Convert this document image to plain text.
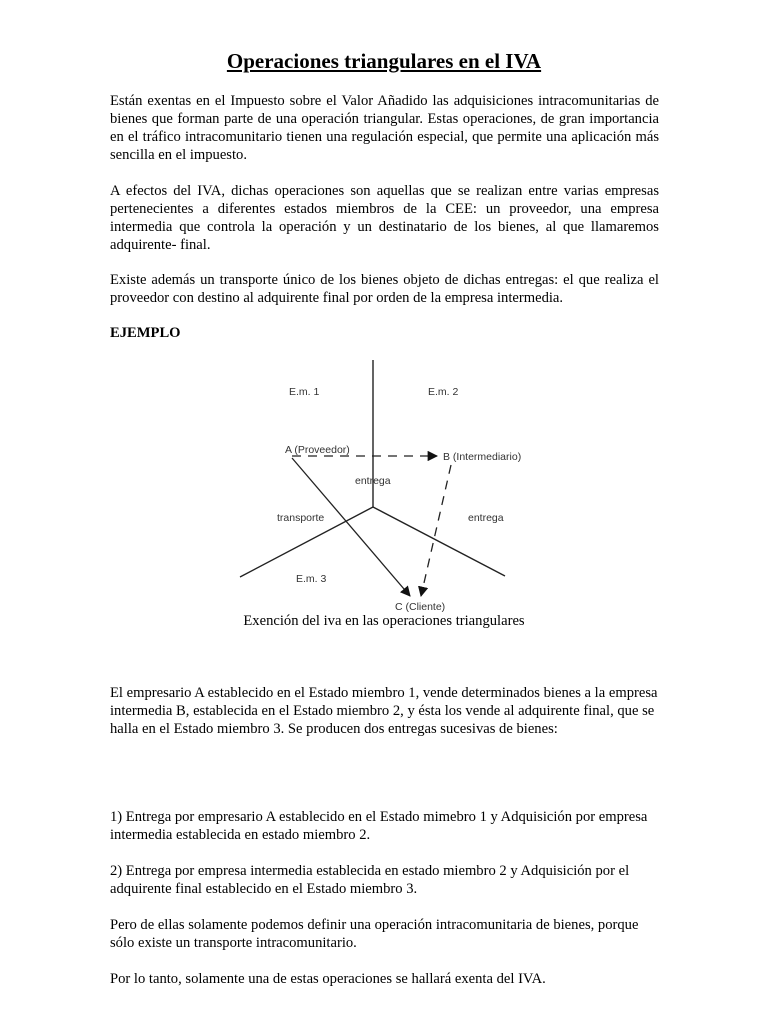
Operaciones triangulares en el IVA

Están exentas en el Impuesto sobre el Valor Añadido las adquisiciones intracomunitarias de bienes que forman parte de una operación triangular. Estas operaciones, de gran importancia en el tráfico intracomunitario tienen una regulación especial, que permite una aplicación más sencilla en el impuesto.

A efectos del IVA, dichas operaciones son aquellas que se realizan entre varias empresas pertenecientes a diferentes estados miembros de la CEE: un proveedor, una empresa intermedia que controla la operación y un destinatario de los bienes, al que llamaremos adquirente- final.

Existe además un transporte único de los bienes objeto de dichas entregas: el que realiza el proveedor con destino al adquirente final por orden de la empresa intermedia.

EJEMPLO

E.m. 1	E.m. 2
E.m. 3
A (Proveedor)
B (Intermediario)
C (Cliente)
entrega
transporte	entrega

Exención del iva en las operaciones triangulares

El empresario A establecido en el Estado miembro 1, vende determinados bienes a la empresa intermedia B, establecida en el Estado miembro 2, y ésta los vende al adquirente final, que se halla en el Estado miembro 3. Se producen dos entregas sucesivas de bienes:

1) Entrega por empresario A establecido en el Estado mimebro 1 y Adquisición por empresa intermedia establecida en estado miembro 2.

2) Entrega por empresa intermedia establecida en estado miembro 2 y Adquisición por el adquirente final establecido en el Estado miembro 3.

Pero de ellas solamente podemos definir una operación intracomunitaria de bienes, porque sólo existe un transporte intracomunitario.

Por lo tanto, solamente una de estas operaciones se hallará exenta del IVA.
